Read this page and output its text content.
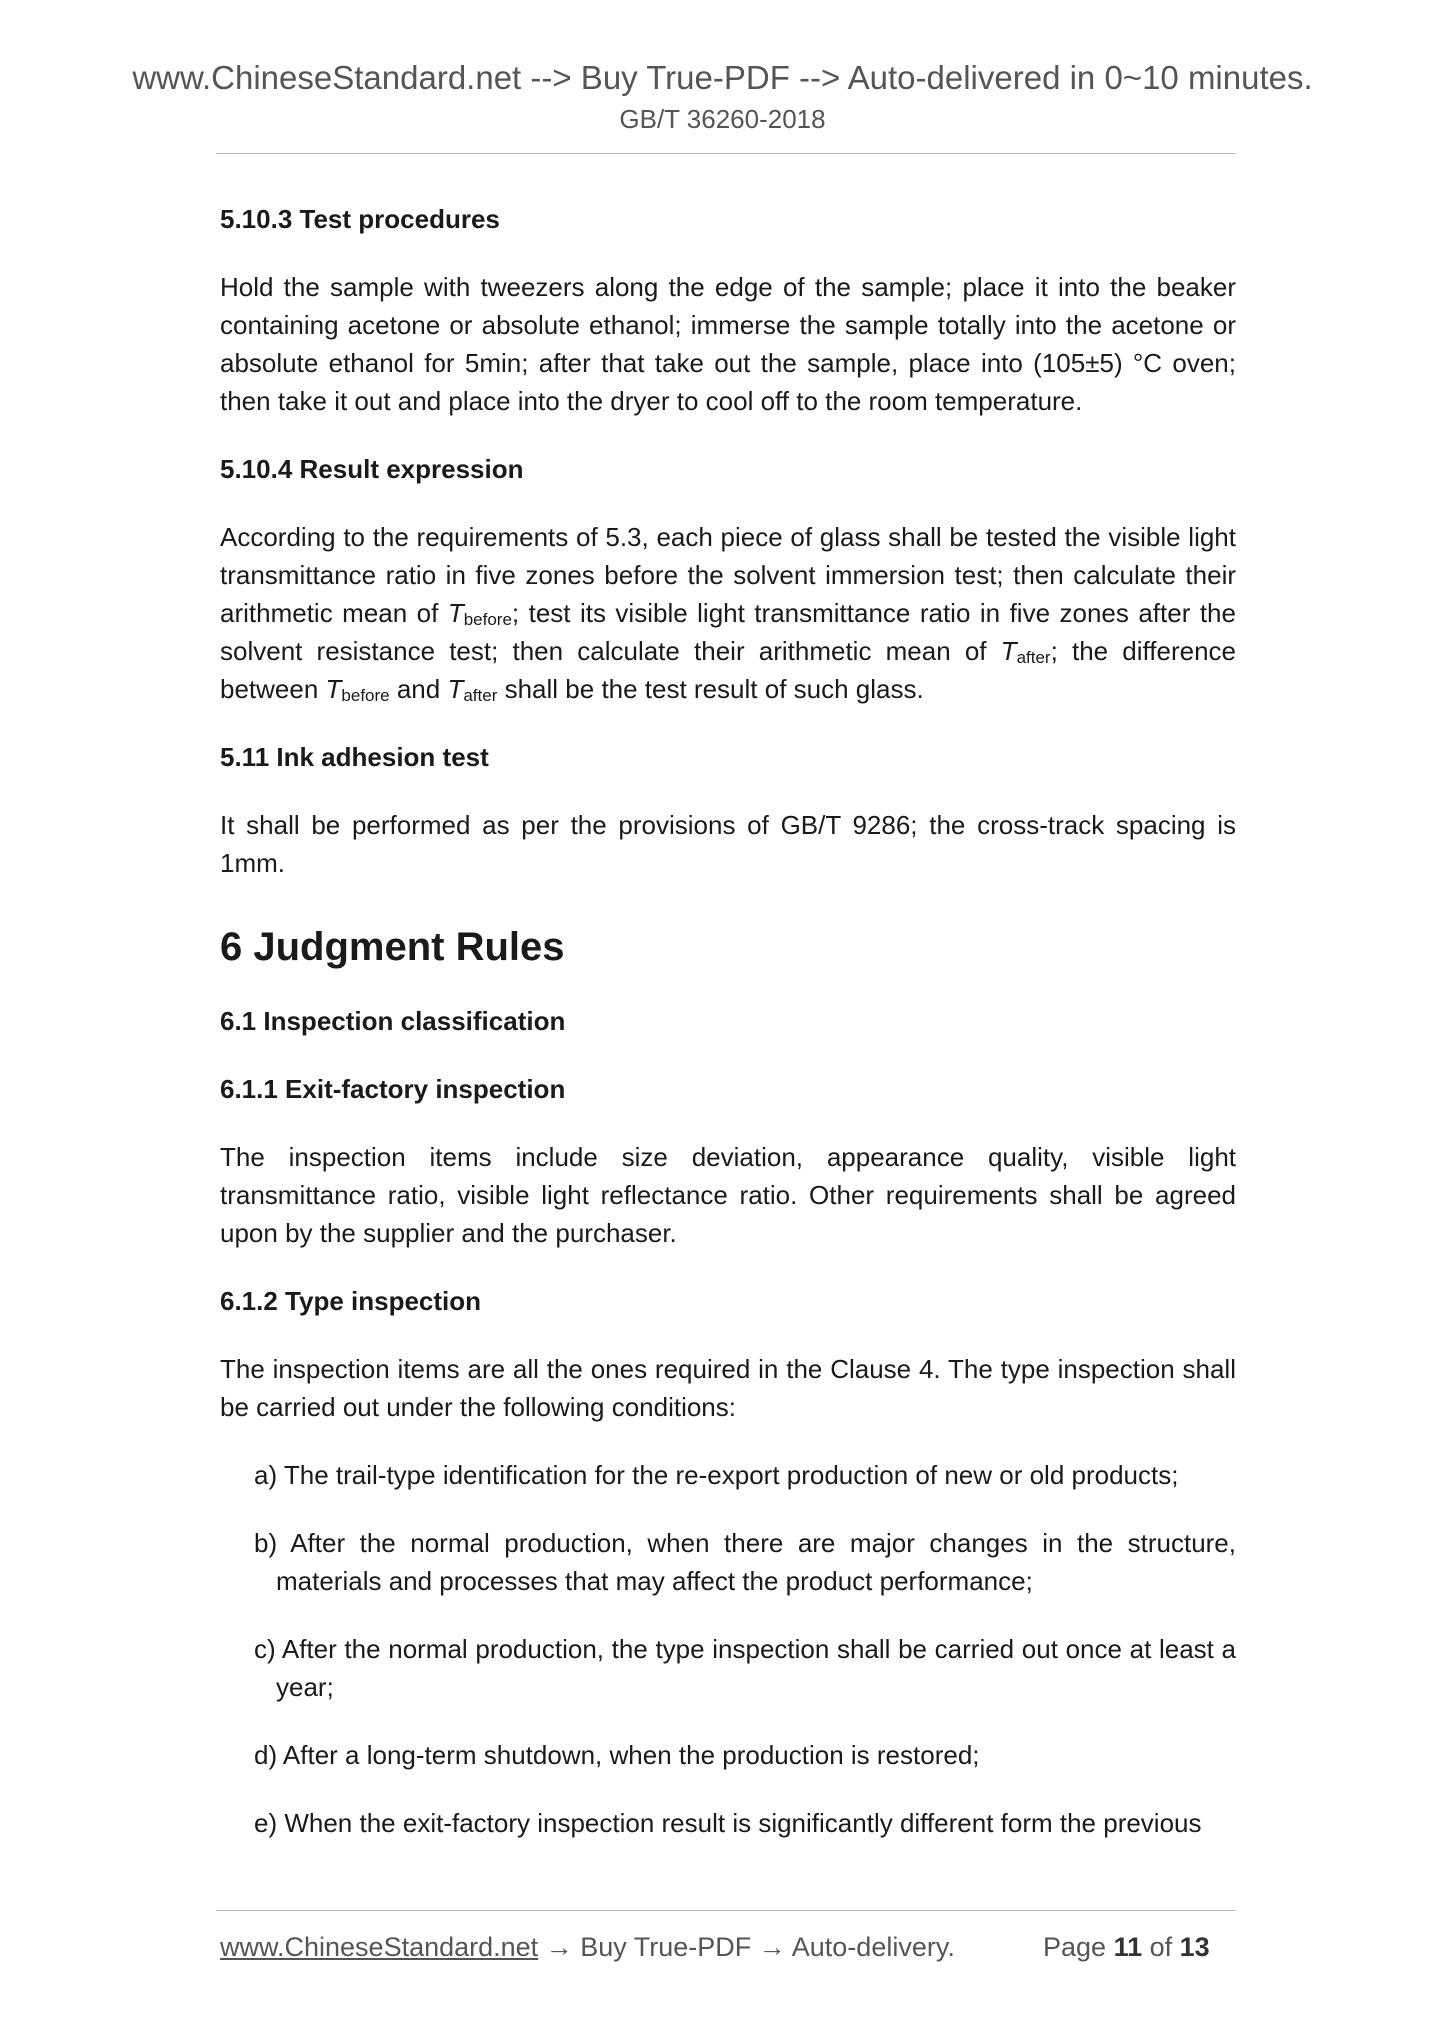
www.ChineseStandard.net --> Buy True-PDF --> Auto-delivered in 0~10 minutes.
GB/T 36260-2018

5.10.3 Test procedures

Hold the sample with tweezers along the edge of the sample; place it into the beaker containing acetone or absolute ethanol; immerse the sample totally into the acetone or absolute ethanol for 5min; after that take out the sample, place into (105±5) °C oven; then take it out and place into the dryer to cool off to the room temperature.

5.10.4 Result expression

According to the requirements of 5.3, each piece of glass shall be tested the visible light transmittance ratio in five zones before the solvent immersion test; then calculate their arithmetic mean of $T_{before}$; test its visible light transmittance ratio in five zones after the solvent resistance test; then calculate their arithmetic mean of $T_{after}$; the difference between $T_{before}$ and $T_{after}$ shall be the test result of such glass.

5.11 Ink adhesion test

It shall be performed as per the provisions of GB/T 9286; the cross-track spacing is 1mm.

6 Judgment Rules

6.1 Inspection classification

6.1.1 Exit-factory inspection

The inspection items include size deviation, appearance quality, visible light transmittance ratio, visible light reflectance ratio. Other requirements shall be agreed upon by the supplier and the purchaser.

6.1.2 Type inspection

The inspection items are all the ones required in the Clause 4. The type inspection shall be carried out under the following conditions:

a) The trail-type identification for the re-export production of new or old products;

b) After the normal production, when there are major changes in the structure, materials and processes that may affect the product performance;

c) After the normal production, the type inspection shall be carried out once at least a year;

d) After a long-term shutdown, when the production is restored;

e) When the exit-factory inspection result is significantly different form the previous

www.ChineseStandard.net → Buy True-PDF → Auto-delivery.	Page 11 of 13
